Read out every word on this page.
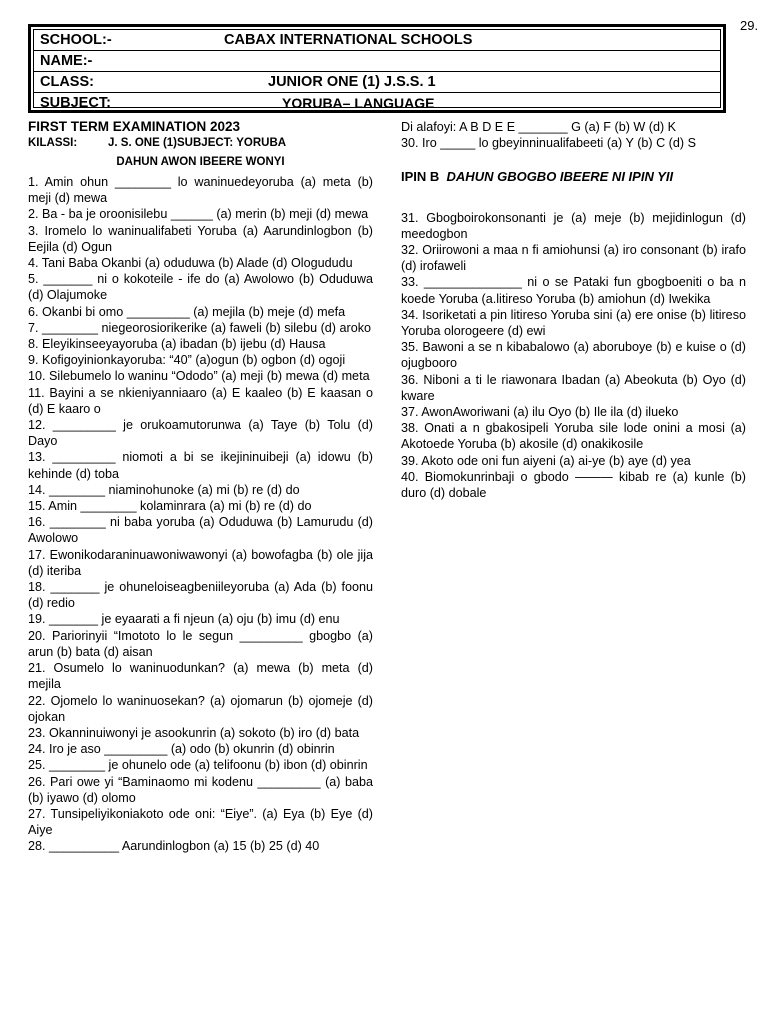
29.
SCHOOL:-	CABAX INTERNATIONAL SCHOOLS
NAME:-
CLASS:	JUNIOR ONE (1) J.S.S. 1
SUBJECT:	YORUBA– LANGUAGE
FIRST TERM EXAMINATION 2023
KILASSI:	J. S. ONE (1)SUBJECT: YORUBA
DAHUN AWON IBEERE WONYI
1. Amin ohun ________ lo waninuedeyoruba (a) meta (b) meji (d) mewa
2. Ba - ba je oroonisilebu ______ (a) merin (b) meji (d) mewa
3. Iromelo lo waninualifabeti Yoruba (a) Aarundinlogbon (b) Eejila (d) Ogun
4. Tani Baba Okanbi (a) oduduwa (b) Alade (d) Ologududu
5. _______ ni o kokoteile - ife do (a) Awolowo (b) Oduduwa (d) Olajumoke
6. Okanbi bi omo _________ (a) mejila (b) meje (d) mefa
7. ________ niegeorosiorikerike (a) faweli (b) silebu (d) aroko
8. Eleyikinseeyayoruba (a) ibadan (b) ijebu (d) Hausa
9. Kofigoyinionkayoruba: “40” (a)ogun (b) ogbon (d) ogoji
10. Silebumelo lo waninu “Ododo” (a) meji (b) mewa (d) meta
11. Bayini a se nkieniyanniaaro (a) E kaaleo (b) E kaasan o (d) E kaaro o
12. _________ je orukoamutorunwa (a) Taye (b) Tolu (d) Dayo
13. _________ niomoti a bi se ikejininuibeji (a) idowu (b) kehinde (d) toba
14. ________ niaminohunoke (a) mi (b) re (d) do
15. Amin ________ kolaminrara (a) mi (b) re (d) do
16. ________ ni baba yoruba (a) Oduduwa (b) Lamurudu (d) Awolowo
17. Ewonikodaraninuawoniwawonyi (a) bowofagba (b) ole jija (d) iteriba
18. _______ je ohuneloiseagbeniileyoruba (a) Ada (b) foonu (d) redio
19. _______ je eyaarati a fi njeun (a) oju (b) imu (d) enu
20. Pariorinyii “Imototo lo le segun _________ gbogbo (a) arun (b) bata (d) aisan
21. Osumelo lo waninuodunkan? (a) mewa (b) meta (d) mejila
22. Ojomelo lo waninuosekan? (a) ojomarun (b) ojomeje (d) ojokan
23. Okanninuiwonyi je asookunrin (a) sokoto (b) iro (d) bata
24. Iro je aso _________ (a) odo (b) okunrin (d) obinrin
25. ________ je ohunelo ode (a) telifoonu (b) ibon (d) obinrin
26. Pari owe yi “Baminaomo mi kodenu _________ (a) baba (b) iyawo (d) olomo
27. Tunsipeliyikoniakoto ode oni: “Eiye”. (a) Eya (b) Eye (d) Aiye
28. __________ Aarundinlogbon (a) 15 (b) 25 (d) 40
Di alafoyi: A B D E E _______ G (a) F (b) W (d) K
30. Iro _____ lo gbeyinninualifabeeti (a) Y (b) C (d) S
IPIN B DAHUN GBOGBO IBEERE NI IPIN YII
31. Gbogboirokonsonanti je (a) meje (b) mejidinlogun (d) meedogbon
32. Oriirowoni a maa n fi amiohunsi (a) iro consonant (b) irafo (d) irofaweli
33. ______________ ni o se Pataki fun gbogboeniti o ba n koede Yoruba (a.litireso Yoruba (b) amiohun (d) Iwekika
34. Isoriketati a pin litireso Yoruba sini (a) ere onise (b) litireso Yoruba olorogeere (d) ewi
35. Bawoni a se n kibabalowo (a) aboruboye (b) e kuise o (d) ojugbooro
36. Niboni a ti le riawonara Ibadan (a) Abeokuta (b) Oyo (d) kware
37. AwonAworiwani (a) ilu Oyo (b) Ile ila (d) ilueko
38. Onati a n gbakosipeli Yoruba sile lode onini a mosi (a) Akotoede Yoruba (b) akosile (d) onakikosile
39. Akoto ode oni fun aiyeni (a) ai-ye (b) aye (d) yea
40. Biomokunrinbaji o gbodo ——— kibab re (a) kunle (b) duro (d) dobale
